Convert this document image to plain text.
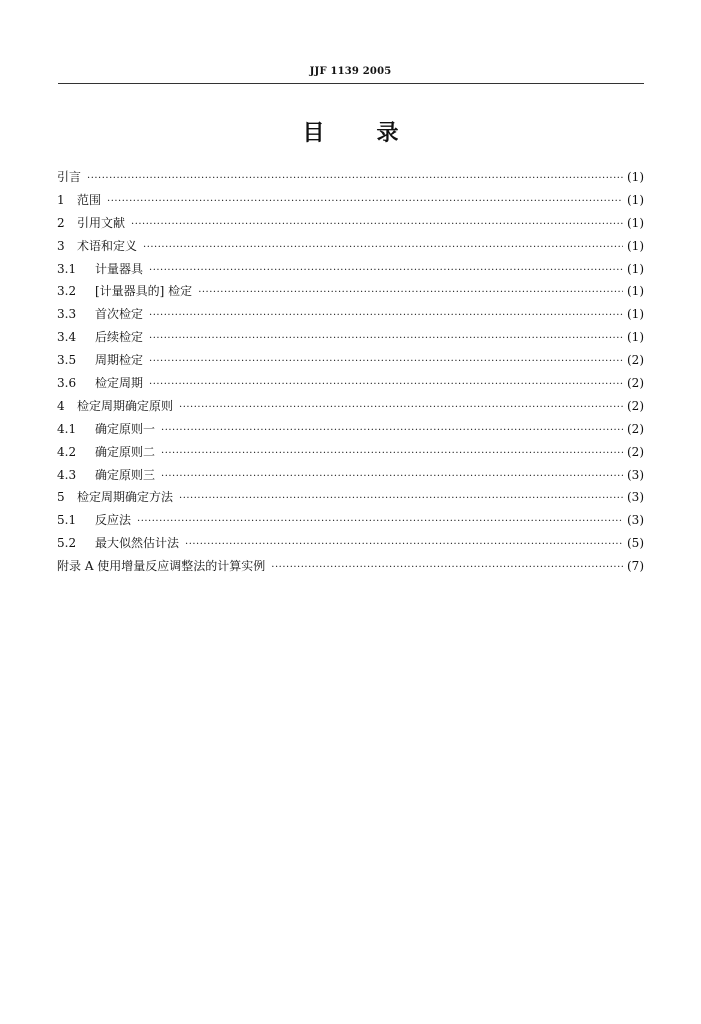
JJF 1139 2005
目录
引言 ·····	(1)
1	范围 ·····	(1)
2	引用文献 ·····	(1)
3	术语和定义 ·····	(1)
3.1	计量器具 ·····	(1)
3.2	[计量器具的] 检定 ·····	(1)
3.3	首次检定 ·····	(1)
3.4	后续检定 ·····	(1)
3.5	周期检定 ·····	(2)
3.6	检定周期 ·····	(2)
4	检定周期确定原则 ·····	(2)
4.1	确定原则一 ·····	(2)
4.2	确定原则二 ·····	(2)
4.3	确定原则三 ·····	(3)
5	检定周期确定方法 ·····	(3)
5.1	反应法 ·····	(3)
5.2	最大似然估计法 ·····	(5)
附录 A 使用增量反应调整法的计算实例 ·····	(7)
